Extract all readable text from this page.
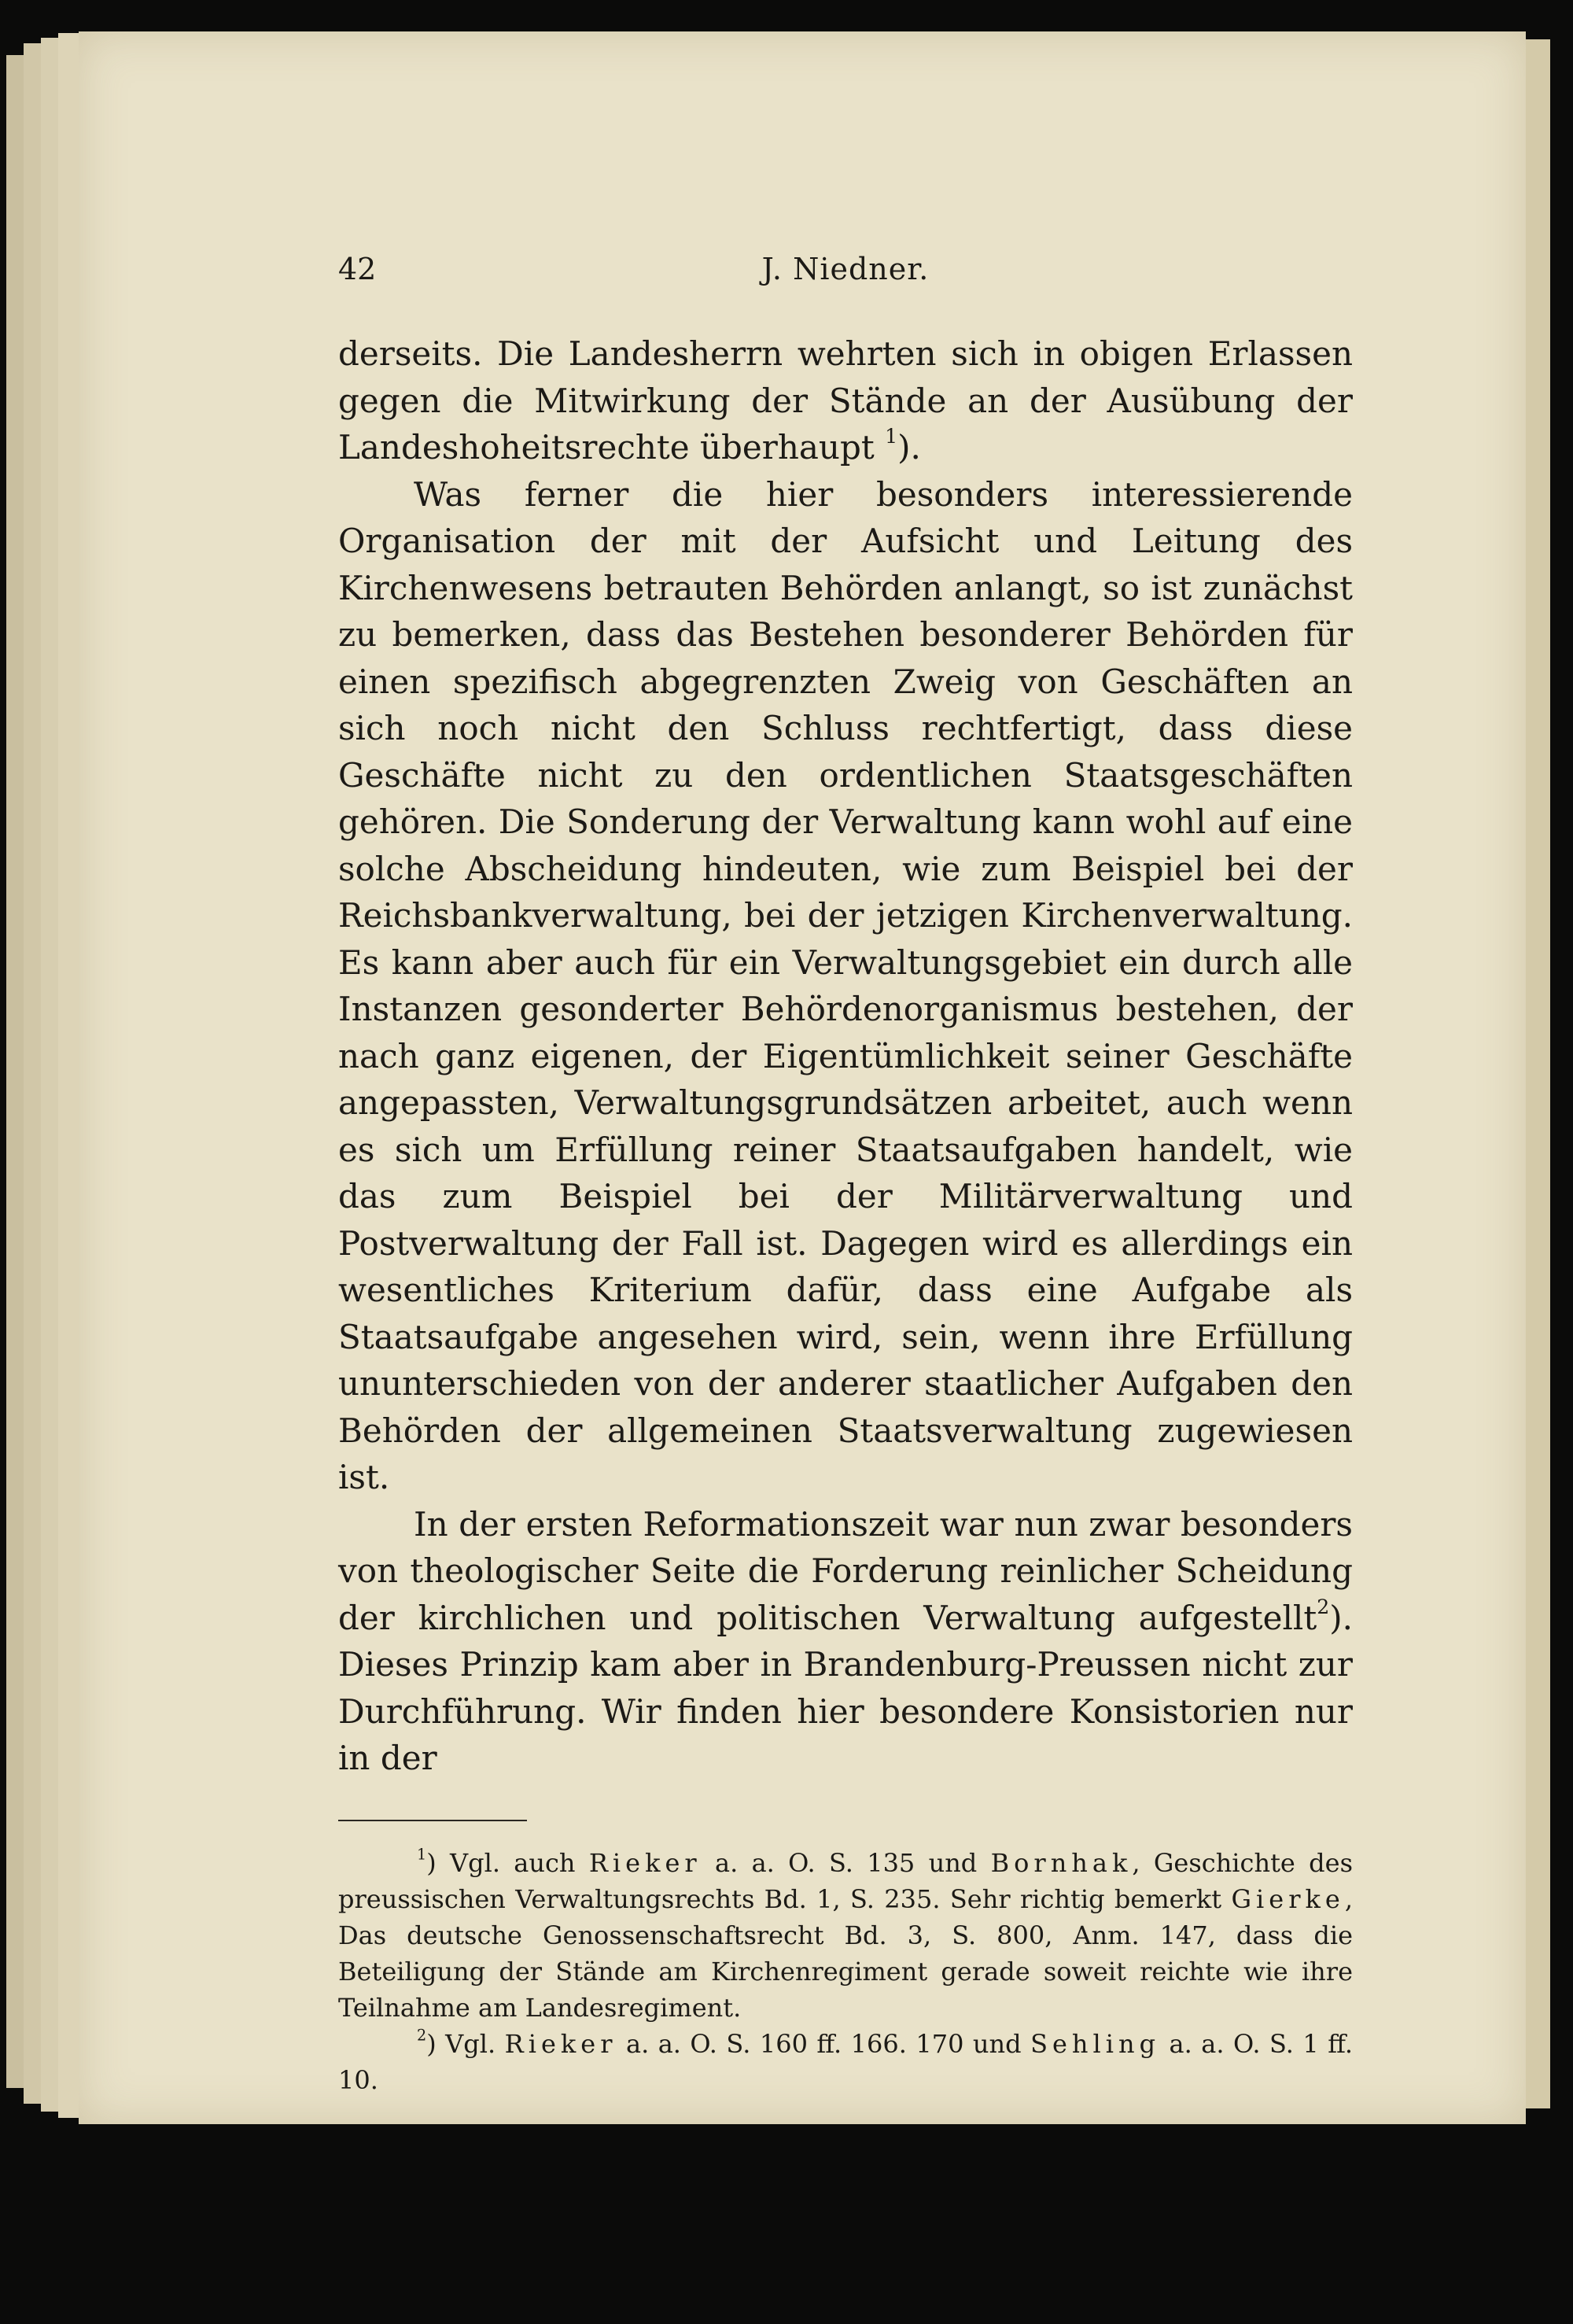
42	J. Niedner.

derseits. Die Landesherrn wehrten sich in obigen Erlassen gegen die Mitwirkung der Stände an der Ausübung der Landeshoheitsrechte überhaupt $^1$).

Was ferner die hier besonders interessierende Organisation der mit der Aufsicht und Leitung des Kirchenwesens betrauten Behörden anlangt, so ist zunächst zu bemerken, dass das Bestehen besonderer Behörden für einen spezifisch abgegrenzten Zweig von Geschäften an sich noch nicht den Schluss rechtfertigt, dass diese Geschäfte nicht zu den ordentlichen Staatsgeschäften gehören. Die Sonderung der Verwaltung kann wohl auf eine solche Abscheidung hindeuten, wie zum Beispiel bei der Reichsbankverwaltung, bei der jetzigen Kirchenverwaltung. Es kann aber auch für ein Verwaltungsgebiet ein durch alle Instanzen gesonderter Behördenorganismus bestehen, der nach ganz eigenen, der Eigentümlichkeit seiner Geschäfte angepassten, Verwaltungsgrundsätzen arbeitet, auch wenn es sich um Erfüllung reiner Staatsaufgaben handelt, wie das zum Beispiel bei der Militärverwaltung und Postverwaltung der Fall ist. Dagegen wird es allerdings ein wesentliches Kriterium dafür, dass eine Aufgabe als Staatsaufgabe angesehen wird, sein, wenn ihre Erfüllung ununterschieden von der anderer staatlicher Aufgaben den Behörden der allgemeinen Staatsverwaltung zugewiesen ist.

In der ersten Reformationszeit war nun zwar besonders von theologischer Seite die Forderung reinlicher Scheidung der kirchlichen und politischen Verwaltung aufgestellt$^2$). Dieses Prinzip kam aber in Brandenburg-Preussen nicht zur Durchführung. Wir finden hier besondere Konsistorien nur in der

$^1$) Vgl. auch Rieker a. a. O. S. 135 und Bornhak, Geschichte des preussischen Verwaltungsrechts Bd. 1, S. 235. Sehr richtig bemerkt Gierke, Das deutsche Genossenschaftsrecht Bd. 3, S. 800, Anm. 147, dass die Beteiligung der Stände am Kirchenregiment gerade soweit reichte wie ihre Teilnahme am Landesregiment.

$^2$) Vgl. Rieker a. a. O. S. 160 ff. 166. 170 und Sehling a. a. O. S. 1 ff. 10.
